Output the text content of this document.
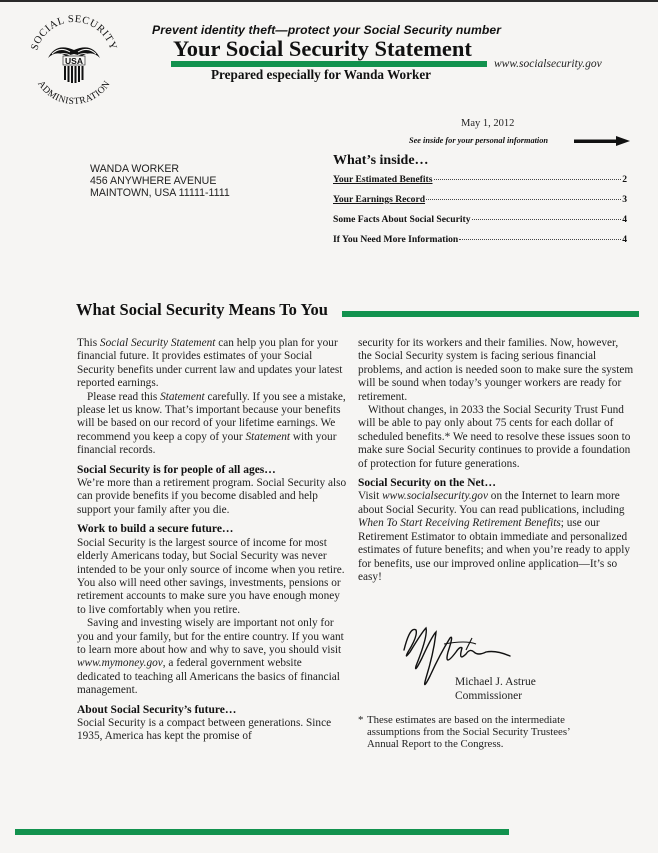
SOCIAL SECURITY
ADMINISTRATION
USA
Prevent identity theft—protect your Social Security number
Your Social Security Statement
www.socialsecurity.gov
Prepared especially for Wanda Worker
May 1, 2012
See inside for your personal information
WANDA WORKER
456 ANYWHERE AVENUE
MAINTOWN, USA 11111-1111
What’s inside…
Your Estimated Benefits	2
Your Earnings Record	3
Some Facts About Social Security	4
If You Need More Information	4
What Social Security Means To You

This Social Security Statement can help you plan for your financial future. It provides estimates of your Social Security benefits under current law and updates your latest reported earnings.

Please read this Statement carefully. If you see a mistake, please let us know. That’s important because your benefits will be based on our record of your lifetime earnings. We recommend you keep a copy of your Statement with your financial records.

Social Security is for people of all ages…

We’re more than a retirement program. Social Security also can provide benefits if you become disabled and help support your family after you die.

Work to build a secure future…

Social Security is the largest source of income for most elderly Americans today, but Social Security was never intended to be your only source of income when you retire. You also will need other savings, investments, pensions or retirement accounts to make sure you have enough money to live comfortably when you retire.

Saving and investing wisely are important not only for you and your family, but for the entire country. If you want to learn more about how and why to save, you should visit www.mymoney.gov, a federal government website dedicated to teaching all Americans the basics of financial management.

About Social Security’s future…

Social Security is a compact between generations. Since 1935, America has kept the promise of

security for its workers and their families. Now, however, the Social Security system is facing serious financial problems, and action is needed soon to make sure the system will be sound when today’s younger workers are ready for retirement.

Without changes, in 2033 the Social Security Trust Fund will be able to pay only about 75 cents for each dollar of scheduled benefits.* We need to resolve these issues soon to make sure Social Security continues to provide a foundation of protection for future generations.

Social Security on the Net…

Visit www.socialsecurity.gov on the Internet to learn more about Social Security. You can read publications, including When To Start Receiving Retirement Benefits; use our Retirement Estimator to obtain immediate and personalized estimates of future benefits; and when you’re ready to apply for benefits, use our improved online application—It’s so easy!

Michael J. Astrue
Commissioner
* These estimates are based on the intermediate
assumptions from the Social Security Trustees’
Annual Report to the Congress.
